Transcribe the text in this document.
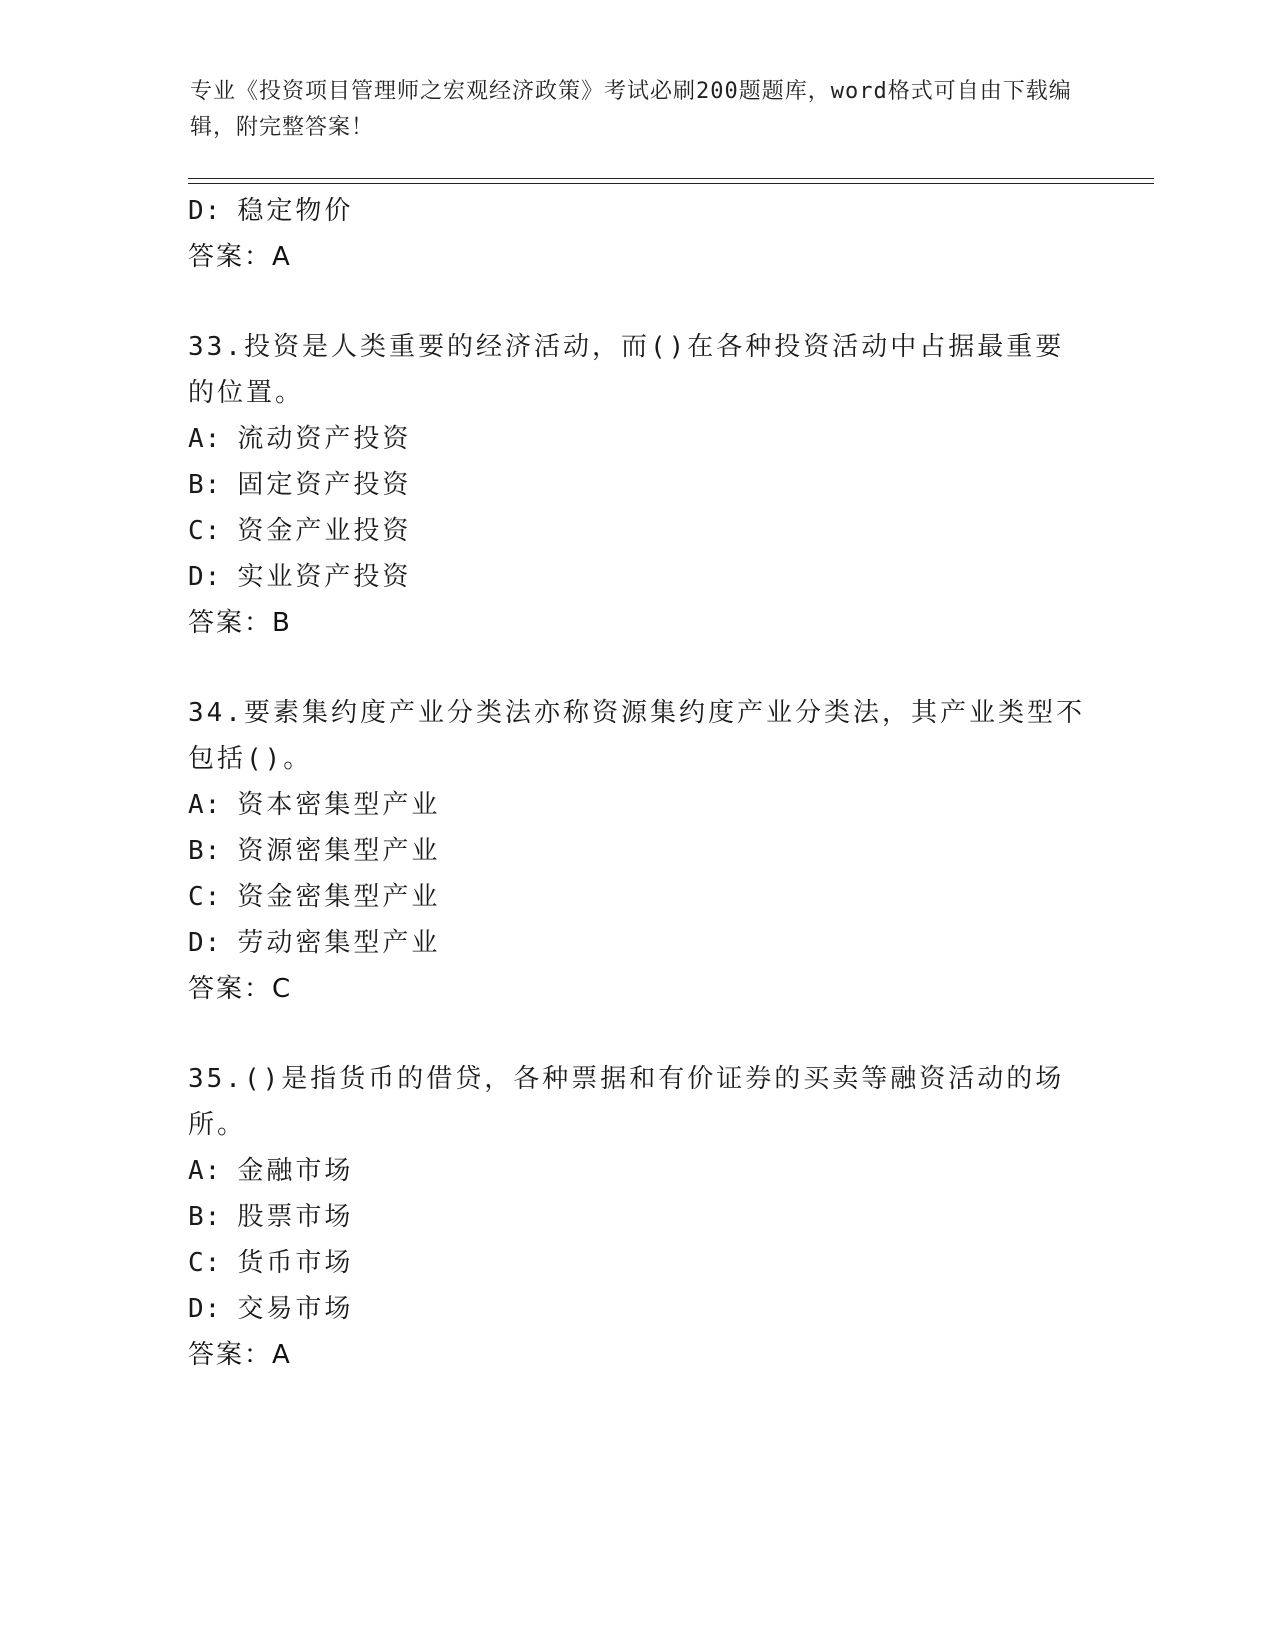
专业《投资项目管理师之宏观经济政策》考试必刷200题题库，word格式可自由下载编辑，附完整答案！
D: 稳定物价
答案：A
33.投资是人类重要的经济活动，而()在各种投资活动中占据最重要的位置。
A: 流动资产投资
B: 固定资产投资
C: 资金产业投资
D: 实业资产投资
答案：B
34.要素集约度产业分类法亦称资源集约度产业分类法，其产业类型不包括()。
A: 资本密集型产业
B: 资源密集型产业
C: 资金密集型产业
D: 劳动密集型产业
答案：C
35.()是指货币的借贷，各种票据和有价证券的买卖等融资活动的场所。
A: 金融市场
B: 股票市场
C: 货币市场
D: 交易市场
答案：A
